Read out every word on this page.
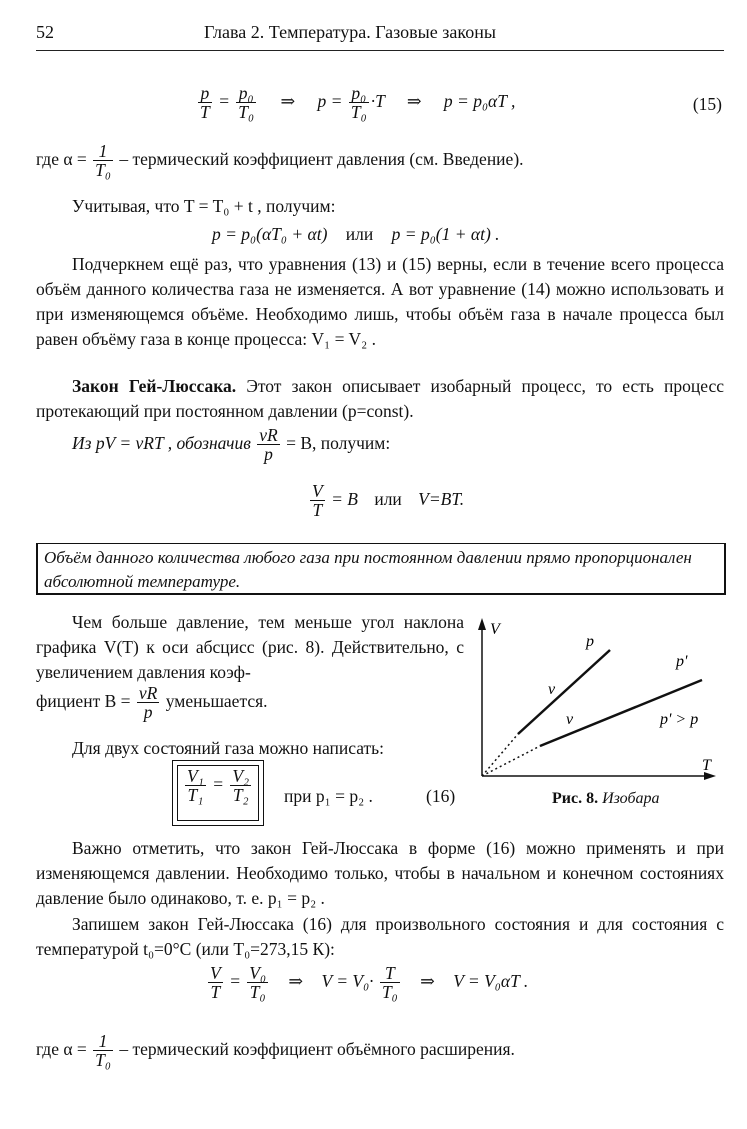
52	Глава 2. Температура. Газовые законы
$\frac{p}{T} = \frac{\text{p₀}}{\text{T₀}}$ ⇒ $p = \frac{\text{p₀}}{\text{T₀}} \cdot T$ ⇒ p = p₀αT ,	(15)
где $\alpha = \frac{1}{\text{T₀}}$ – термический коэффициент давления (см. Введение).
Учитывая, что T = T₀ + t , получим:
p = p₀(αT₀ + αt) или p = p₀(1 + αt) .
Подчеркнем ещё раз, что уравнения (13) и (15) верны, если в течение всего процесса объём данного количества газа не изменяется. А вот уравнение (14) можно использовать и при изменяющемся объёме. Необходимо лишь, чтобы объём газа в начале процесса был равен объёму газа в конце процесса: V₁ = V₂ .
Закон Гей-Люссака. Этот закон описывает изобарный процесс, то есть процесс протекающий при постоянном давлении (p=const).
Из pV = νRT , обозначив $\frac{\nu R}{p} = B$, получим:
$\frac{V}{T} = B$ или V=BT.
Объём данного количества любого газа при постоянном давлении прямо пропорционален абсолютной температуре.
Чем больше давление, тем меньше угол наклона графика V(T) к оси абсцисс (рис. 8). Действительно, с увеличением давления коэф-
фициент $B = \frac{\nu R}{p}$ уменьшается.
Для двух состояний газа можно написать:
$\frac{\text{V₁}}{\text{T₁}} = \frac{\text{V₂}}{\text{T₂}}$ при p₁ = p₂ .	(16)
V
T
p
p'
ν
ν	p' > p
Рис. 8. Изобара
Важно отметить, что закон Гей-Люссака в форме (16) можно применять и при изменяющемся давлении. Необходимо только, чтобы в начальном и конечном состояниях давление было одинаково, т. е. p₁ = p₂ .
Запишем закон Гей-Люссака (16) для произвольного состояния и для состояния с температурой t₀=0°С (или T₀=273,15 К):
$\frac{V}{T} = \frac{\text{V₀}}{\text{T₀}}$ ⇒ $V = V_0\cdot \frac{T}{\text{T₀}}$ ⇒ V = V₀αT .
где $\alpha = \frac{1}{\text{T₀}}$ – термический коэффициент объёмного расширения.
